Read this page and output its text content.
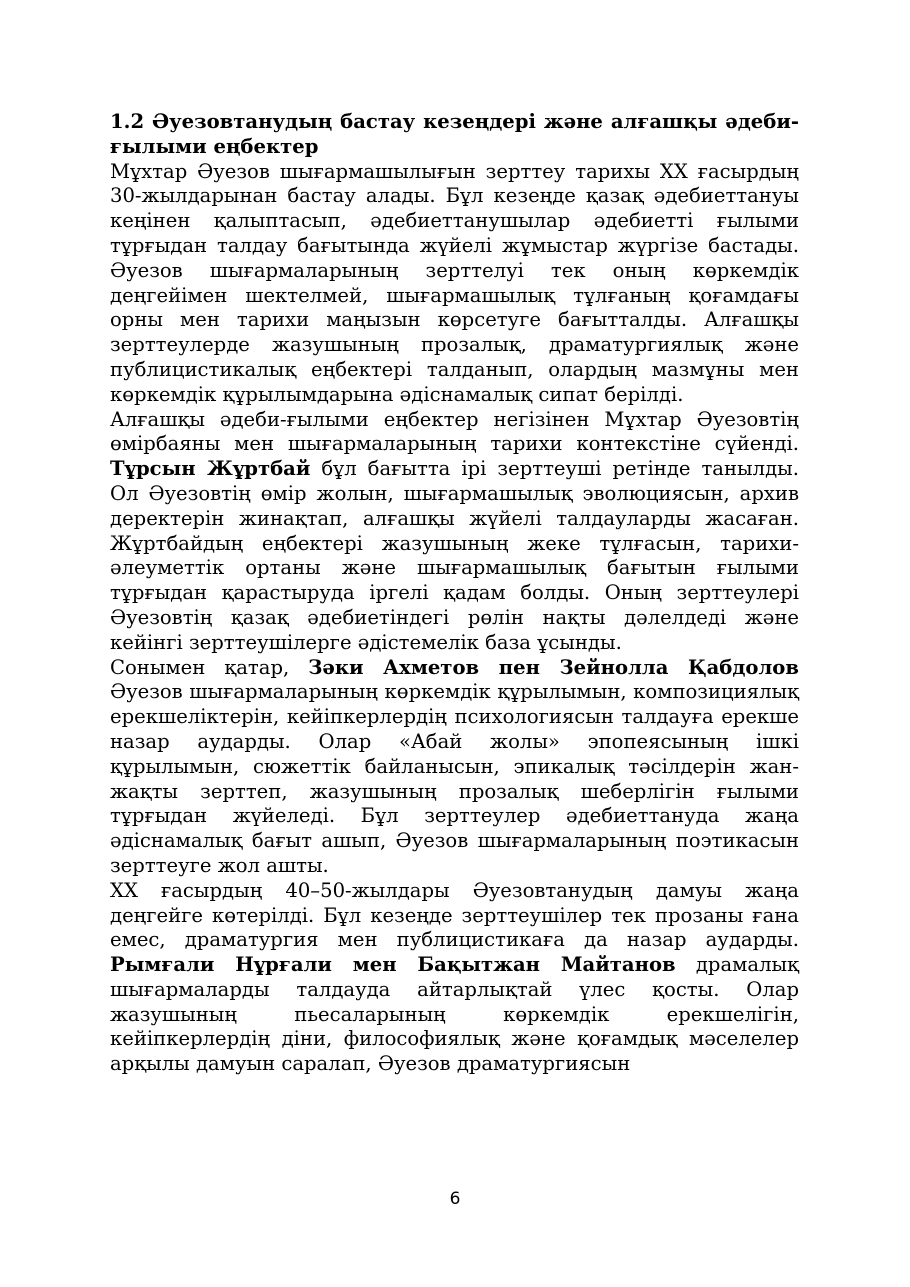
1.2 Әуезовтанудың бастау кезеңдері және алғашқы әдеби-ғылыми еңбектер

Мұхтар Әуезов шығармашылығын зерттеу тарихы ХХ ғасырдың 30-жылдарынан бастау алады. Бұл кезеңде қазақ әдебиеттануы кеңінен қалыптасып, әдебиеттанушылар әдебиетті ғылыми тұрғыдан талдау бағытында жүйелі жұмыстар жүргізе бастады. Әуезов шығармаларының зерттелуі тек оның көркемдік деңгейімен шектелмей, шығармашылық тұлғаның қоғамдағы орны мен тарихи маңызын көрсетуге бағытталды. Алғашқы зерттеулерде жазушының прозалық, драматургиялық және публицистикалық еңбектері талданып, олардың мазмұны мен көркемдік құрылымдарына әдіснамалық сипат берілді.

Алғашқы әдеби-ғылыми еңбектер негізінен Мұхтар Әуезовтің өмірбаяны мен шығармаларының тарихи контекстіне сүйенді. Тұрсын Жұртбай бұл бағытта ірі зерттеуші ретінде танылды. Ол Әуезовтің өмір жолын, шығармашылық эволюциясын, архив деректерін жинақтап, алғашқы жүйелі талдауларды жасаған. Жұртбайдың еңбектері жазушының жеке тұлғасын, тарихи-әлеуметтік ортаны және шығармашылық бағытын ғылыми тұрғыдан қарастыруда іргелі қадам болды. Оның зерттеулері Әуезовтің қазақ әдебиетіндегі рөлін нақты дәлелдеді және кейінгі зерттеушілерге әдістемелік база ұсынды.

Сонымен қатар, Зәки Ахметов пен Зейнолла Қабдолов Әуезов шығармаларының көркемдік құрылымын, композициялық ерекшеліктерін, кейіпкерлердің психологиясын талдауға ерекше назар аударды. Олар «Абай жолы» эпопеясының ішкі құрылымын, сюжеттік байланысын, эпикалық тәсілдерін жан-жақты зерттеп, жазушының прозалық шеберлігін ғылыми тұрғыдан жүйеледі. Бұл зерттеулер әдебиеттануда жаңа әдіснамалық бағыт ашып, Әуезов шығармаларының поэтикасын зерттеуге жол ашты.

ХХ ғасырдың 40–50-жылдары Әуезовтанудың дамуы жаңа деңгейге көтерілді. Бұл кезеңде зерттеушілер тек прозаны ғана емес, драматургия мен публицистикаға да назар аударды. Рымғали Нұрғали мен Бақытжан Майтанов драмалық шығармаларды талдауда айтарлықтай үлес қосты. Олар жазушының пьесаларының көркемдік ерекшелігін, кейіпкерлердің діни, философиялық және қоғамдық мәселелер арқылы дамуын саралап, Әуезов драматургиясын

6
